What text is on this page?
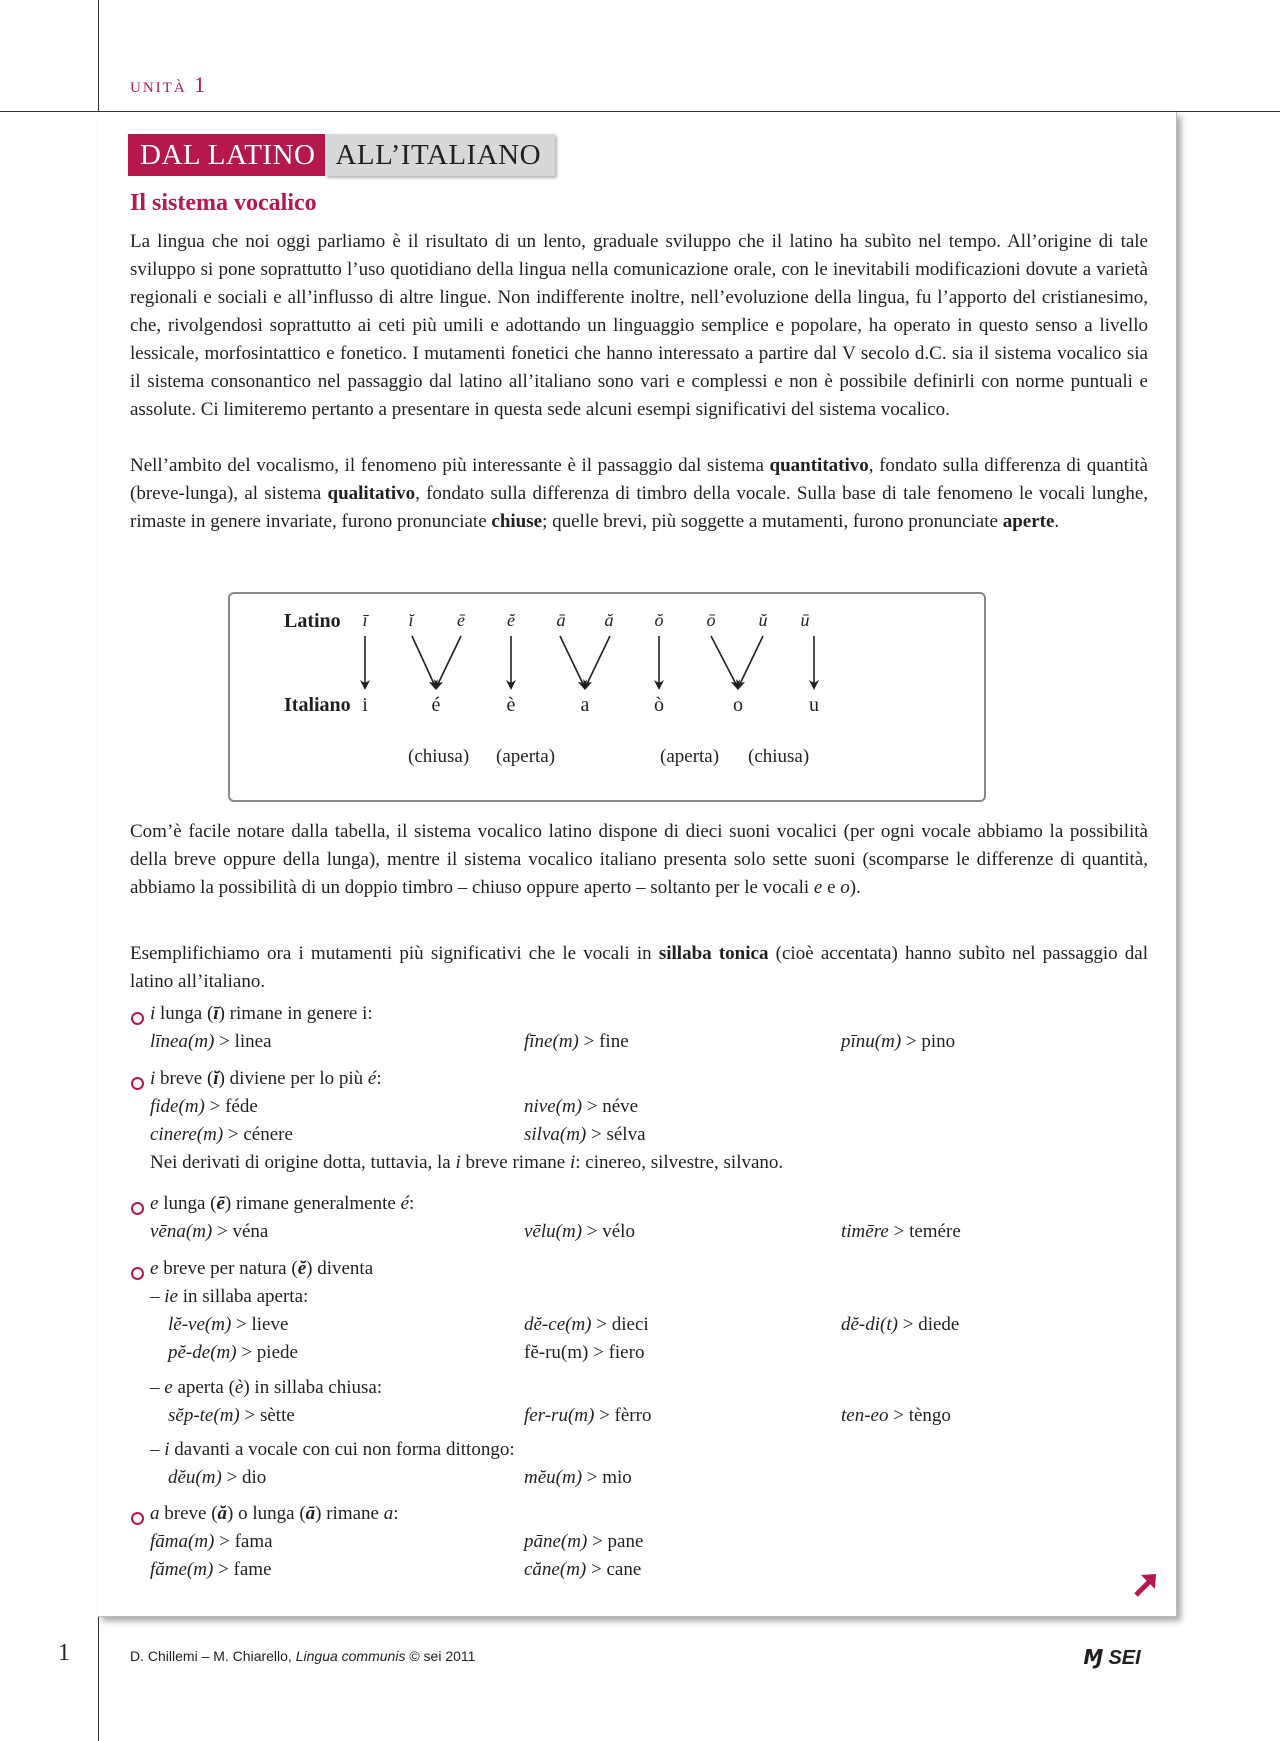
unità 1
DAL LATINO ALL’ITALIANO
Il sistema vocalico

La lingua che noi oggi parliamo è il risultato di un lento, graduale sviluppo che il latino ha subìto nel tempo. All’origine di tale sviluppo si pone soprattutto l’uso quotidiano della lingua nella comunicazione orale, con le inevitabili modificazioni dovute a varietà regionali e sociali e all’influsso di altre lingue. Non indifferente inoltre, nell’evoluzione della lingua, fu l’apporto del cristianesimo, che, rivolgendosi soprattutto ai ceti più umili e adottando un linguaggio semplice e popolare, ha operato in questo senso a livello lessicale, morfosintattico e fonetico. I mutamenti fonetici che hanno interessato a partire dal V secolo d.C. sia il sistema vocalico sia il sistema consonantico nel passaggio dal latino all’italiano sono vari e complessi e non è possibile definirli con norme puntuali e assolute. Ci limiteremo pertanto a presentare in questa sede alcuni esempi significativi del sistema vocalico.

Nell’ambito del vocalismo, il fenomeno più interessante è il passaggio dal sistema quantitativo, fondato sulla differenza di quantità (breve-lunga), al sistema qualitativo, fondato sulla differenza di timbro della vocale. Sulla base di tale fenomeno le vocali lunghe, rimaste in genere invariate, furono pronunciate chiuse; quelle brevi, più soggette a mutamenti, furono pronunciate aperte.

Latino
Italiano
ī	ĭ	ē	ĕ	ā	ă	ŏ	ō	ŭ	ū
i	é	è	a	ò	o	u
(chiusa) (aperta)	(aperta) (chiusa)

Com’è facile notare dalla tabella, il sistema vocalico latino dispone di dieci suoni vocalici (per ogni vocale abbiamo la possibilità della breve oppure della lunga), mentre il sistema vocalico italiano presenta solo sette suoni (scomparse le differenze di quantità, abbiamo la possibilità di un doppio timbro – chiuso oppure aperto – soltanto per le vocali e e o).

Esemplifichiamo ora i mutamenti più significativi che le vocali in sillaba tonica (cioè accentata) hanno subìto nel passaggio dal latino all’italiano.

i lunga (ī) rimane in genere i:
līnea(m) > linea	fīne(m) > fine	pīnu(m) > pino
i breve (ĭ) diviene per lo più é:
fide(m) > féde	nive(m) > néve
cinere(m) > cénere	silva(m) > sélva
Nei derivati di origine dotta, tuttavia, la i breve rimane i: cinereo, silvestre, silvano.
e lunga (ē) rimane generalmente é:
vēna(m) > véna	vēlu(m) > vélo	timēre > temére
e breve per natura (ĕ) diventa
– ie in sillaba aperta:
lĕ-ve(m) > lieve	dĕ-ce(m) > dieci	dĕ-di(t) > diede
pĕ-de(m) > piede	fĕ-ru(m) > fiero
– e aperta (è) in sillaba chiusa:
sĕp-te(m) > sètte	fer-ru(m) > fèrro	ten-eo > tèngo
– i davanti a vocale con cui non forma dittongo:
dĕu(m) > dio	mĕu(m) > mio
a breve (ă) o lunga (ā) rimane a:
fāma(m) > fama	pāne(m) > pane
făme(m) > fame	căne(m) > cane
1	D. Chillemi – M. Chiarello, Lingua communis © sei 2011	Ɱ SEI
